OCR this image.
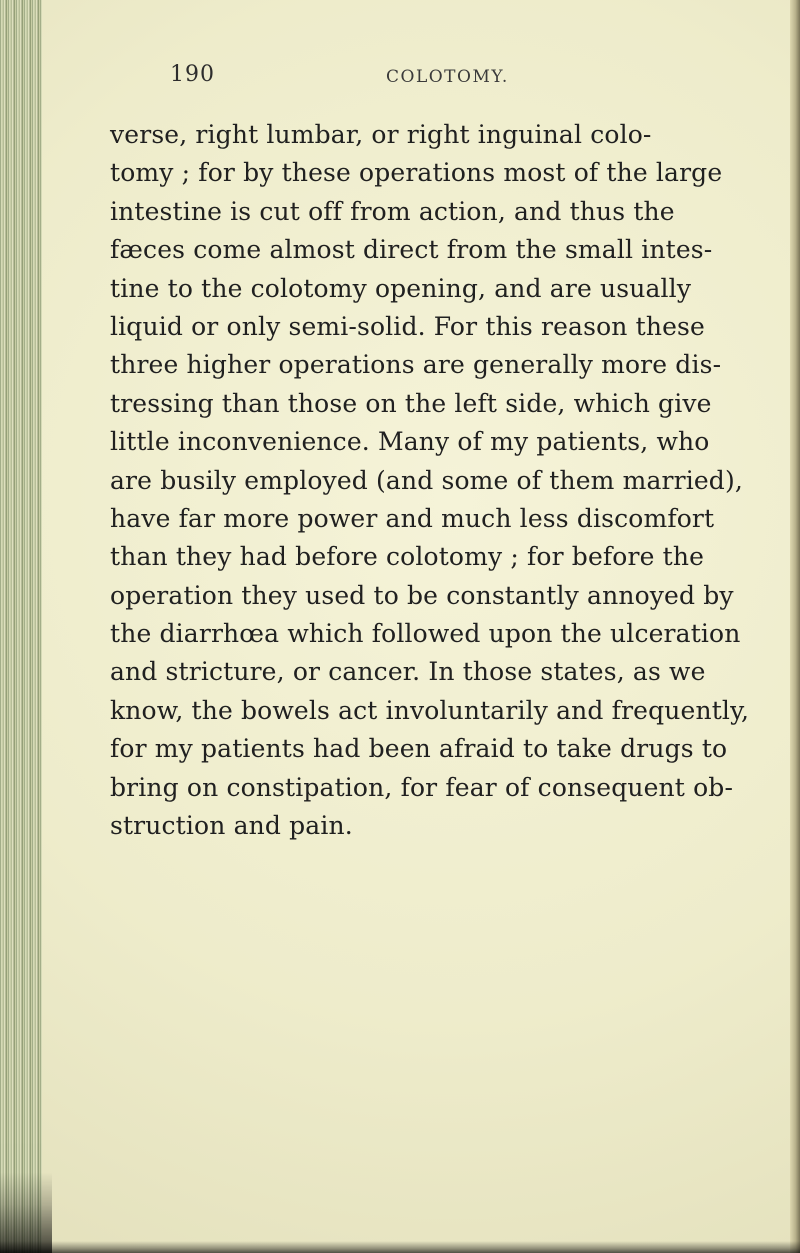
190	COLOTOMY.
verse, right lumbar, or right inguinal colo-
tomy ; for by these operations most of the large
intestine is cut off from action, and thus the
fæces come almost direct from the small intes-
tine to the colotomy opening, and are usually
liquid or only semi-solid. For this reason these
three higher operations are generally more dis-
tressing than those on the left side, which give
little inconvenience. Many of my patients, who
are busily employed (and some of them married),
have far more power and much less discomfort
than they had before colotomy ; for before the
operation they used to be constantly annoyed by
the diarrhœa which followed upon the ulceration
and stricture, or cancer. In those states, as we
know, the bowels act involuntarily and frequently,
for my patients had been afraid to take drugs to
bring on constipation, for fear of consequent ob-
struction and pain.
